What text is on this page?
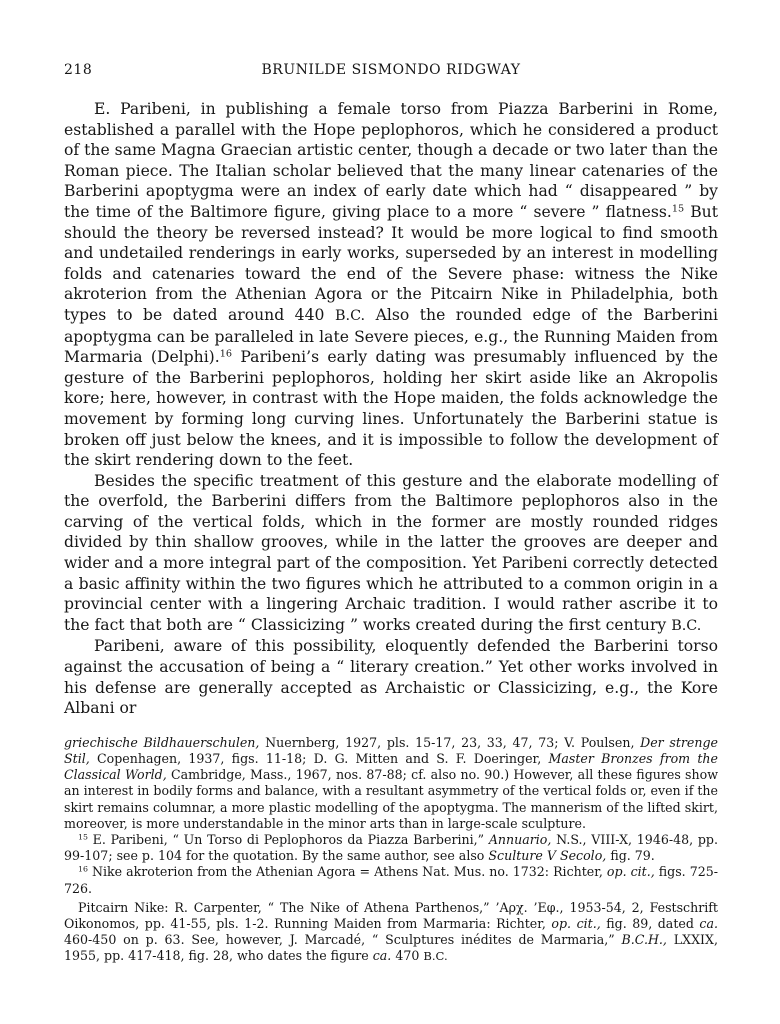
218	BRUNILDE SISMONDO RIDGWAY

E. Paribeni, in publishing a female torso from Piazza Barberini in Rome, established a parallel with the Hope peplophoros, which he considered a product of the same Magna Graecian artistic center, though a decade or two later than the Roman piece. The Italian scholar believed that the many linear catenaries of the Barberini apoptygma were an index of early date which had “ disappeared ” by the time of the Baltimore figure, giving place to a more “ severe ” flatness.$^{15}$ But should the theory be reversed instead? It would be more logical to find smooth and undetailed renderings in early works, superseded by an interest in modelling folds and catenaries toward the end of the Severe phase: witness the Nike akroterion from the Athenian Agora or the Pitcairn Nike in Philadelphia, both types to be dated around 440 B.C. Also the rounded edge of the Barberini apoptygma can be paralleled in late Severe pieces, e.g., the Running Maiden from Marmaria (Delphi).$^{16}$ Paribeni’s early dating was presumably influenced by the gesture of the Barberini peplophoros, holding her skirt aside like an Akropolis kore; here, however, in contrast with the Hope maiden, the folds acknowledge the movement by forming long curving lines. Unfortunately the Barberini statue is broken off just below the knees, and it is impossible to follow the development of the skirt rendering down to the feet.

Besides the specific treatment of this gesture and the elaborate modelling of the overfold, the Barberini differs from the Baltimore peplophoros also in the carving of the vertical folds, which in the former are mostly rounded ridges divided by thin shallow grooves, while in the latter the grooves are deeper and wider and a more integral part of the composition. Yet Paribeni correctly detected a basic affinity within the two figures which he attributed to a common origin in a provincial center with a lingering Archaic tradition. I would rather ascribe it to the fact that both are “ Classicizing ” works created during the first century B.C.

Paribeni, aware of this possibility, eloquently defended the Barberini torso against the accusation of being a “ literary creation.” Yet other works involved in his defense are generally accepted as Archaistic or Classicizing, e.g., the Kore Albani or

griechische Bildhauerschulen, Nuernberg, 1927, pls. 15-17, 23, 33, 47, 73; V. Poulsen, Der strenge Stil, Copenhagen, 1937, figs. 11-18; D. G. Mitten and S. F. Doeringer, Master Bronzes from the Classical World, Cambridge, Mass., 1967, nos. 87-88; cf. also no. 90.) However, all these figures show an interest in bodily forms and balance, with a resultant asymmetry of the vertical folds or, even if the skirt remains columnar, a more plastic modelling of the apoptygma. The mannerism of the lifted skirt, moreover, is more understandable in the minor arts than in large-scale sculpture.

$^{15}$ E. Paribeni, “ Un Torso di Peplophoros da Piazza Barberini,” Annuario, N.S., VIII-X, 1946-48, pp. 99-107; see p. 104 for the quotation. By the same author, see also Sculture V Secolo, fig. 79.

$^{16}$ Nike akroterion from the Athenian Agora = Athens Nat. Mus. no. 1732: Richter, op. cit., figs. 725-726.

Pitcairn Nike: R. Carpenter, “ The Nike of Athena Parthenos,” ’Αρχ. ’Εφ., 1953-54, 2, Festschrift Oikonomos, pp. 41-55, pls. 1-2. Running Maiden from Marmaria: Richter, op. cit., fig. 89, dated ca. 460-450 on p. 63. See, however, J. Marcadé, “ Sculptures inédites de Marmaria,” B.C.H., LXXIX, 1955, pp. 417-418, fig. 28, who dates the figure ca. 470 B.C.
